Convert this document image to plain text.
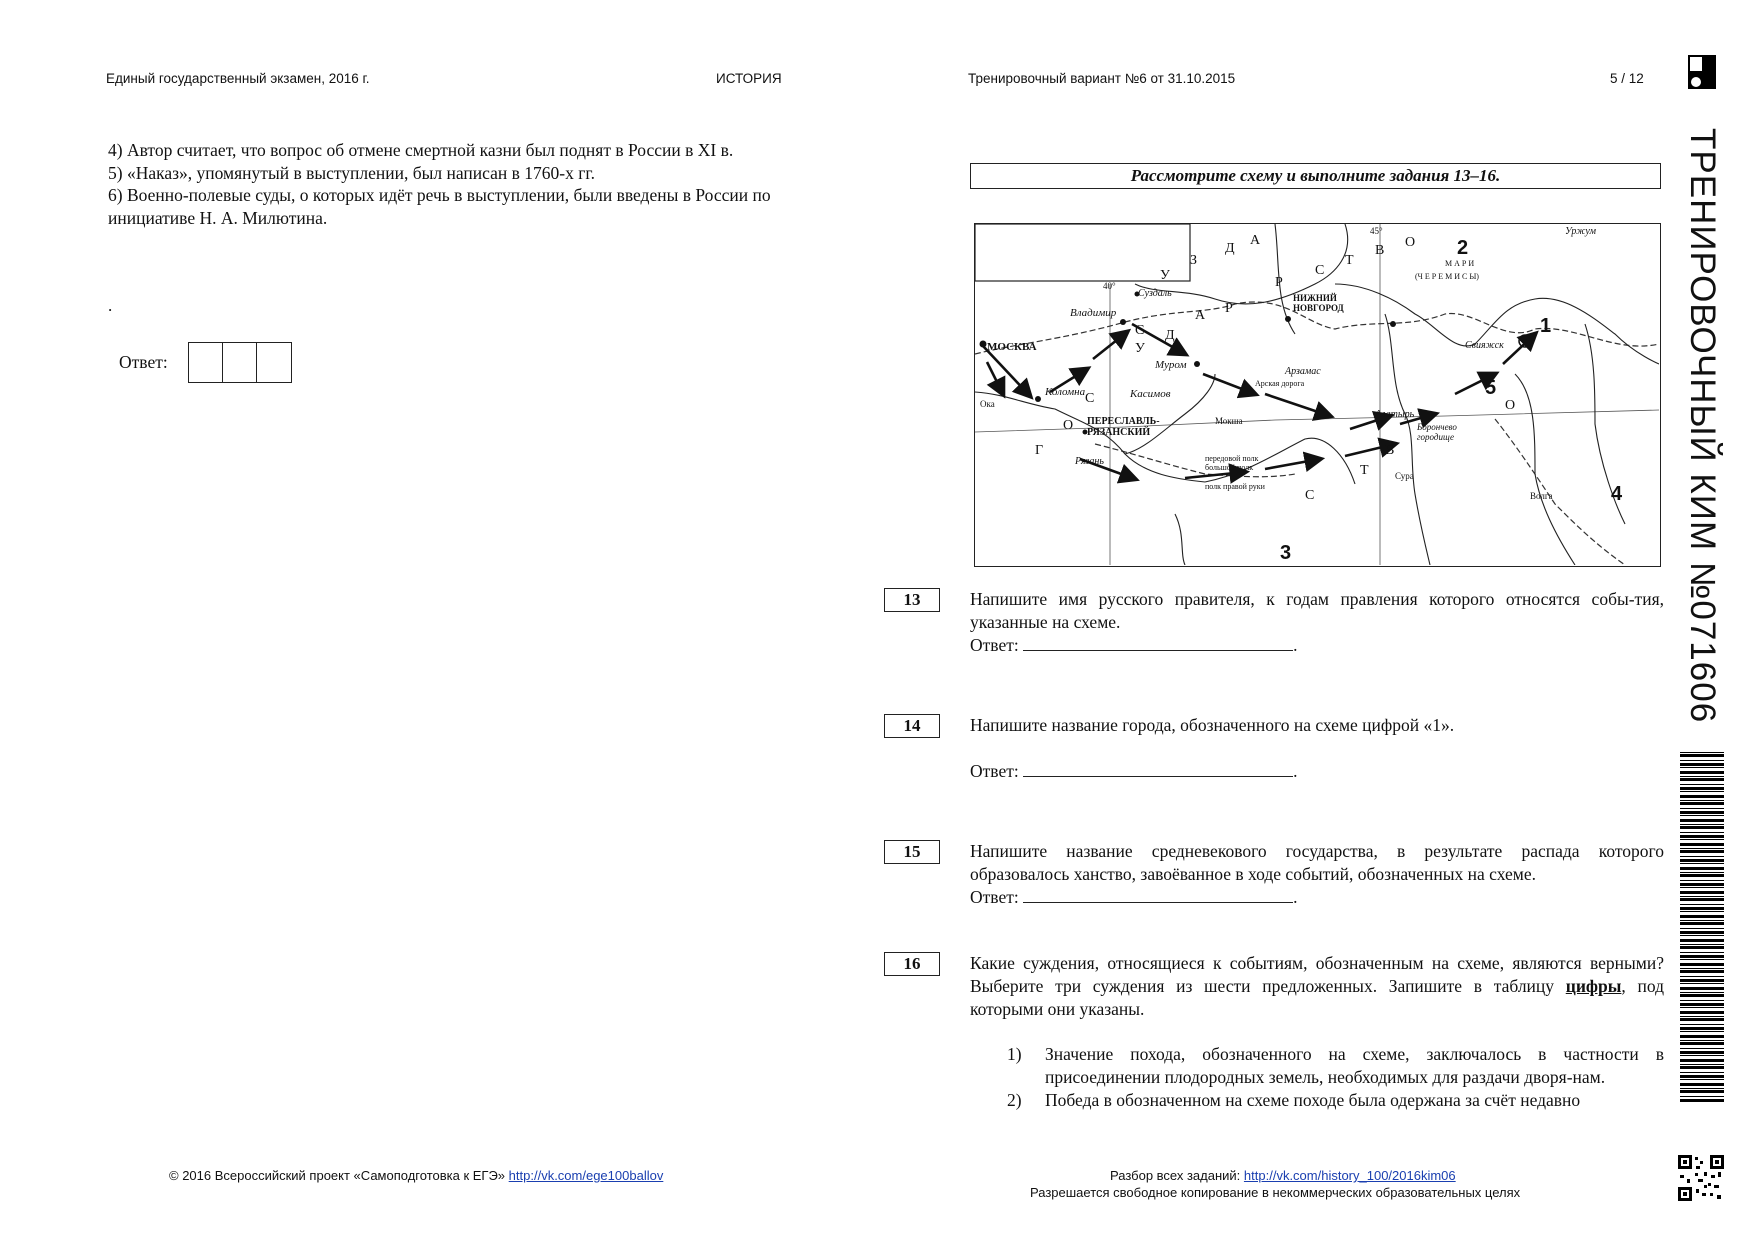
Единый государственный экзамен, 2016 г.	ИСТОРИЯ	Тренировочный вариант №6 от 31.10.2015	5 / 12

4) Автор считает, что вопрос об отмене смертной казни был поднят в России в XI в.

5) «Наказ», упомянутый в выступлении, был написан в 1760-х гг.

6) Военно-полевые суды, о которых идёт речь в выступлении, были введены в России по инициативе Н. А. Милютина.

.
Ответ:
Рассмотрите схему и выполните задания 13–16.
МОСКВА
Владимир
Суздаль
Коломна
Муром
Касимов
ПЕРЕСЛАВЛЬ-
РЯЗАНСКИЙ
Рязань
НИЖНИЙ
НОВГОРОД
Арзамас
Алатырь
Борончево
городище
Уржум
М А Р И
(Ч Е Р Е М И С Ы)
Свияжск
Ока
Волга
Сура
Мокша
передовой полк
большой полк
полк правой руки
Арская дорога
40°
45°
С
У
З
Д
А
Р
С
Т
В
О
Г
О
С
У
Д
А Р
С
Т
В
О
1
2
3
4
5
13	Напишите имя русского правителя, к годам правления которого относятся собы-тия, указанные на схеме.

Ответ:	.
14	Напишите название города, обозначенного на схеме цифрой «1».

Ответ:	.
15	Напишите название средневекового государства, в результате распада которого образовалось ханство, завоёванное в ходе событий, обозначенных на схеме.

Ответ:	.
16	Какие суждения, относящиеся к событиям, обозначенным на схеме, являются верными? Выберите три суждения из шести предложенных. Запишите в таблицу цифры, под которыми они указаны.

1)	Значение похода, обозначенного на схеме, заключалось в частности в присоединении плодородных земель, необходимых для раздачи дворя-нам.
2)	Победа в обозначенном на схеме походе была одержана за счёт недавно
ТРЕНИРОВОЧНЫЙ КИМ №071606
© 2016 Всероссийский проект «Самоподготовка к ЕГЭ» http://vk.com/ege100ballov	Разбор всех заданий: http://vk.com/history_100/2016kim06
Разрешается свободное копирование в некоммерческих образовательных целях
